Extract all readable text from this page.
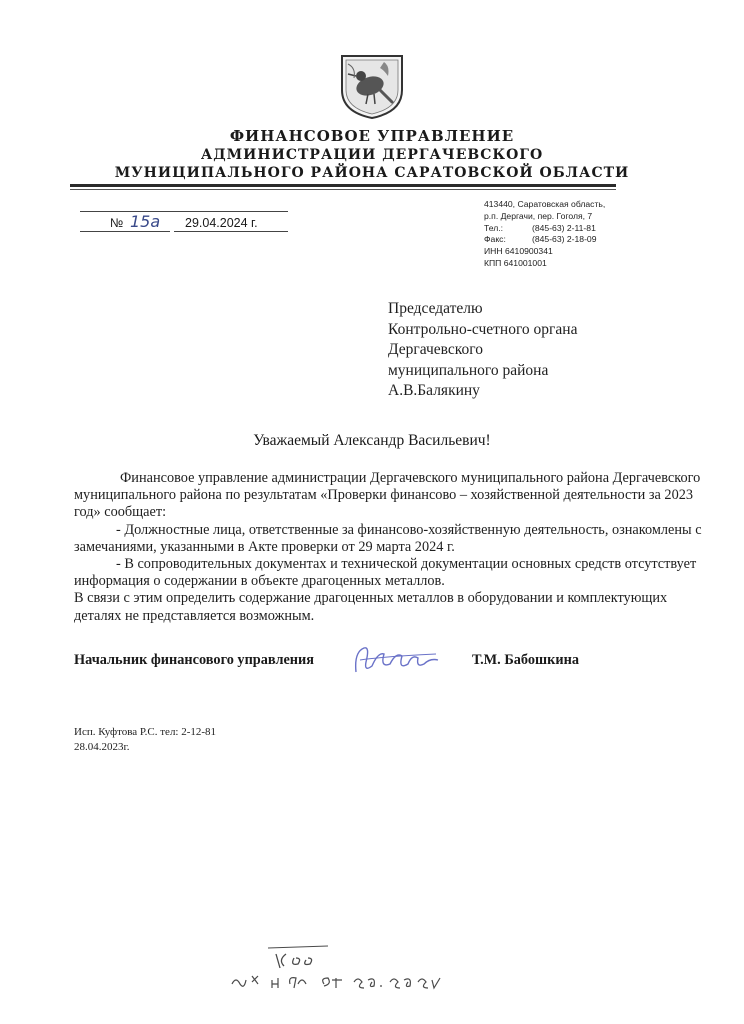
ФИНАНСОВОЕ УПРАВЛЕНИЕ
АДМИНИСТРАЦИИ ДЕРГАЧЕВСКОГО
МУНИЦИПАЛЬНОГО РАЙОНА САРАТОВСКОЙ ОБЛАСТИ
№ 15а 29.04.2024 г.
413440, Саратовская область,
р.п. Дергачи, пер. Гоголя, 7
Тел.:	(845-63) 2-11-81
Факс:	(845-63) 2-18-09
ИНН 6410900341
КПП 641001001
Председателю
Контрольно-счетного органа
Дергачевского
муниципального района
А.В.Балякину
Уважаемый Александр Васильевич!

Финансовое управление администрации Дергачевского муниципального района Дергачевского муниципального района по результатам «Проверки финансово – хозяйственной деятельности за 2023 год» сообщает:

- Должностные лица, ответственные за финансово-хозяйственную деятельность, ознакомлены с замечаниями, указанными в Акте проверки от 29 марта 2024 г.

- В сопроводительных документах и технической документации основных средств отсутствует информация о содержании в объекте драгоценных металлов.

В связи с этим определить содержание драгоценных металлов в оборудовании и комплектующих деталях не представляется возможным.

Начальник финансового управления	Т.М. Бабошкина
Исп. Куфтова Р.С. тел: 2-12-81
28.04.2023г.
